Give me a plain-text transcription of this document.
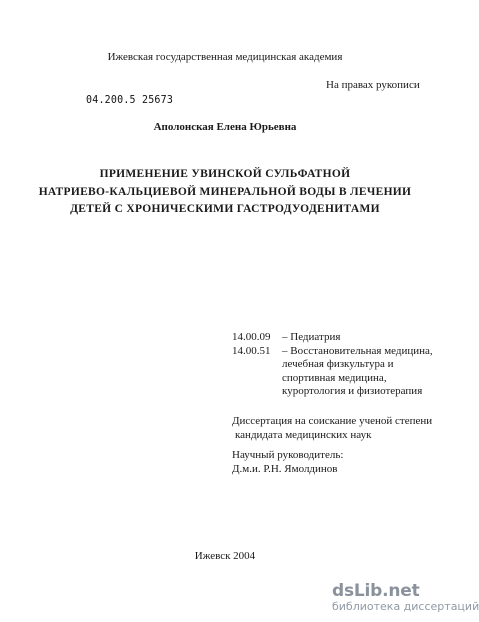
Ижевская государственная медицинская академия
На правах рукописи
04.200.5 25673
Аполонская Елена Юрьевна
ПРИМЕНЕНИЕ УВИНСКОЙ СУЛЬФАТНОЙ
НАТРИЕВО-КАЛЬЦИЕВОЙ МИНЕРАЛЬНОЙ ВОДЫ В ЛЕЧЕНИИ
ДЕТЕЙ С ХРОНИЧЕСКИМИ ГАСТРОДУОДЕНИТАМИ
14.00.09	– Педиатрия
14.00.51	– Восстановительная медицина,
лечебная физкультура и
спортивная медицина,
курортология и физиотерапия
Диссертация на соискание ученой степени
кандидата медицинских наук
Научный руководитель:
Д.м.и. Р.Н. Ямолдинов
Ижевск 2004
dsLib.net
библиотека диссертаций
